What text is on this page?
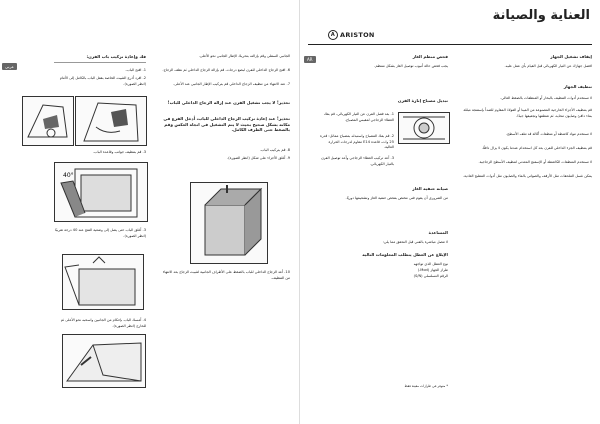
عربي
فك وإعادة تركيب باب الفرن:
1. افتح الباب.
2. افرد أذرع التثبيت الخاصة بقفل الباب بالكامل إلى الأمام (انظر الصورة).
3. قم بتنظيف جوانب وقاعدة الباب.
40°
3. أغلق الباب حتى يصل إلى وضعية الفتح عند 40 درجة تقريبًا (انظر الصورة).
4. أمسك الباب بإحكام من الجانبين واسحبه نحو الأعلى ثم للخارج (انظر الصورة).
الجانبي السفلي وقم بإزالته بتحريك الإطار الجانبي نحو الأعلى.
6. افتح الزجاج الداخلي للفرن لبضع درجات. قم بإزالة الزجاج الداخلي ثم نظف الزجاج.
7. عند الانتهاء من تنظيف الزجاج الداخلي قم بتركيب الإطار الجانبي عند الأعلى.
تحذير! لا يجب تشغيل الفرن عند إزالة الزجاج الداخلي للباب!
تحذير! عند إعادة تركيب الزجاج الداخلي للباب، أدخل الفرع في مكانه بشكل صحيح بحيث لا يتم التشغيل في اتجاه العكس وقم بالضغط حتى الطرف الكامل.
8. قم بتركيب الباب.
9. أغلق الأجزاء على شكل (انظر الصورة).
10. أعد الزجاج الداخلي للباب بالضغط على الأطراف الجانبية لتثبيت الزجاج بعد الانتهاء من التنظيف.
العناية والصيانة
A ARISTON
AR
إيقاف تشغيل الجهاز
افصل جهازك عن التيار الكهربائي قبل القيام بأي عمل عليه.
تنظيف الجهاز
لا تستخدم أدوات التنظيف بالبخار أو المنظفات بالضغط العالي.
قم بتنظيف الأجزاء الخارجية المصنوعة من المينا أو الفولاذ المقاوم للصدأ بإسفنجة مبللة بماء دافئ وصابون محايد، ثم شطفها وتجفيفها جيدًا.
لا تستخدم مواد كاشطة أو منظفات أكالة قد تتلف الأسطح.
قم بتنظيف الجزء الداخلي للفرن بعد كل استخدام عندما يكون لا يزال دافئًا.
لا تستخدم المنظفات الكاشطة أو الإسفنج المعدني لتنظيف الأسطح الزجاجية.
يمكن غسل الملحقات مثل الأرفف والصواني بالماء والصابون مثل أدوات المطبخ العادية.
فحص منظم الغاز
يجب فحص حالة أنبوب توصيل الغاز بشكل منتظم.
تبديل مصباح إنارة الفرن
1. بعد فصل الفرن عن التيار الكهربائي، قم بفك الغطاء الزجاجي لمقبس المصباح.
2. قم بفك المصباح واستبدله بمصباح مماثل: قدرة 25 وات، قاعدة E14 مقاوم لدرجات الحرارة العالية.
3. أعد تركيب الغطاء الزجاجي وأعد توصيل الفرن بالتيار الكهربائي.
صيانة حنفية الغاز
من الضروري أن يقوم فني مختص بفحص حنفية الغاز وتشحيمها دوريًا.
المساعدة
لا تتصل مباشرة بالفني قبل التحقق مما يلي:
الإبلاغ عن العطل يتطلب المعلومات التالية
نوع العطل الذي تواجهه
طراز الجهاز (Mod.)
الرقم التسلسلي (S/N)
* متوفر في طرازات معينة فقط
